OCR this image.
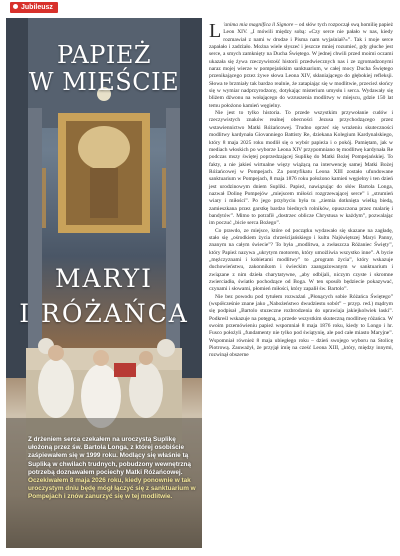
Jubileusz
PAPIEŻ
W MIEŚCIE
MARYI
I RÓŻAŃCA
Z drżeniem serca czekałem na uroczystą Suplikę ułożoną przez św. Bartola Longa, z której osobiście zaśpiewałem się w 1999 roku. Modlący się właśnie tą Supliką w chwilach trudnych, pobudzony wewnętrzną potrzebą doznawałem pociechy Matki Różańcowej. Oczekiwałem 8 maja 2026 roku, kiedy ponownie w tak uroczystym dniu będę mógł łączyć się z sanktuarium w Pompejach i znów zanurzyć się w tej modlitwie.

L 'anima mia magnifica il Signore – od słów tych rozpoczął swą homilię papież Leon XIV. „I mówili między sobą: «Czy serce nie pałało w nas, kiedy rozmawiał z nami w drodze i Pisma nam wyjaśniał?»”. Tak i moje serce zapałało i zadrżało. Można wiele słyszeć i jeszcze mniej rozumieć, gdy głuche jest serce, a smych zamknięty na Ducha Świętego. W jednej chwili przed moimi oczami ukazała się żywa rzeczywistość historii przedwiecznych nas i ze zgromadzonymi naraz mojej wierze w pompejańskim sanktuarium, w całej mocy Ducha Świętego przenikającego przez żywe słowa Leona XIV, skłaniającego do głębokiej refleksji. Słowa te brzmiały tak bardzo realnie, że zatapiając się w modlitwie, przecież słońcy się w wymiar nadprzyrodzony, dotykając misterium umysłu i serca. Wydawały się bliżem dźwonu na wołającego do wzruszenia modlitwy w miejscu, gdzie 150 lat temu położono kamień węgielny.

Nie jest to tylko historia. To przede wszystkim przywołanie cudów i rzeczywistych znaków realnej obecności Jezusa przychodzącego przez wstawiennictwo Matki Różańcowej. Trudno oprzeć się wrażeniu skuteczności modlitwy kardynała Giovanniego Battisty Re, dziekana Kolegium Kardynalskiego, który 8 maja 2025 roku modlił się o wybór papieża i o pokój. Pamiętam, jak w mediach włoskich po wyborze Leona XIV przypomniano tę modlitwę kardynała Re podczas mszy świętej poprzedzającej Suplikę do Matki Bożej Pompejańskiej. To fakty, a nie jakieś wirtualne więzy wiążącą na interwencję samej Matki Bożej Różańcowej w Pompejach. Za pontyfikatu Leona XIII zostało ufundowane sanktuarium w Pompejach, 8 maja 1876 roku położono kamień węgielny i ten dzień jest urodzinowym dniem Supliki. Papież, nawiązując do słów Bartola Longa, nazwał Dolinę Pompejów „miejscem miłości rozgrzewającej serce” i „strumień wiary i miłości”. Po jego przybyciu była tu „ziemia dotknięta wielką biedą, zamieszkana przez garstkę bardzo biednych rolników, opuszczona przez malarię i bandytów”. Mimo to potrafił „dostrzec oblicze Chrystusa w każdym”, pozwalając im poczuć „bicie serca Bożego”.

Co prawdo, ze miejsce, które od początku wydawało się skazane na zagładę, stało się „ośrodkiem życia chrześcijańskiego i kultu Najświętszej Maryi Panny, znanym na całym świecie”? To była „modlitwa, a zwłaszcza Różaniec Święty”, który Papież nazywa „ukrytym motorem, który umożliwia wszystko inne”. A bycie „mężczyznami i kobietami modlitwy” to „program życia”, który wskazuje duchowieństwu, zakonnikom i świeckim zaangażowanym w sanktuarium i związane z nim dzieła charytatywne, „aby odbijali, niczym czyste i skromne zwierciadła, światło pochodzące od Boga. W ten sposób będziecie pokazywać, czynami i słowami, płomień miłości, który zapalił św. Bartolo”.

Nie bez powodu pod tytułem rozważań „Płonących sobie Różańca Świętego” (współcześnie znane jako „Nabożeństwo dwudziestu sobót” – przyp. red.) mądrym się podpisał „Bartolo stuzeczne rozbrodzenia do uprawiaja jakiejkolwiek łaski”. Podkreśl wskazuje na potęgną, a przede wszystkim skuteczną modlitwę różańca. W swoim przemówieniu papież wspomniał 8 maja 1876 roku, kiedy to Longo i hr. Fusco położyli „fundamenty nie tylko pod świątynię, ale pod całe miasto Maryjne”. Wspomniał również 8 maja ubiegłego roku – dzień swojego wyboru na Stolicę Piotrową. Zauważył, że przyjął imię na cześć Leona XIII, „który, między innymi, rozwinął obszerne
